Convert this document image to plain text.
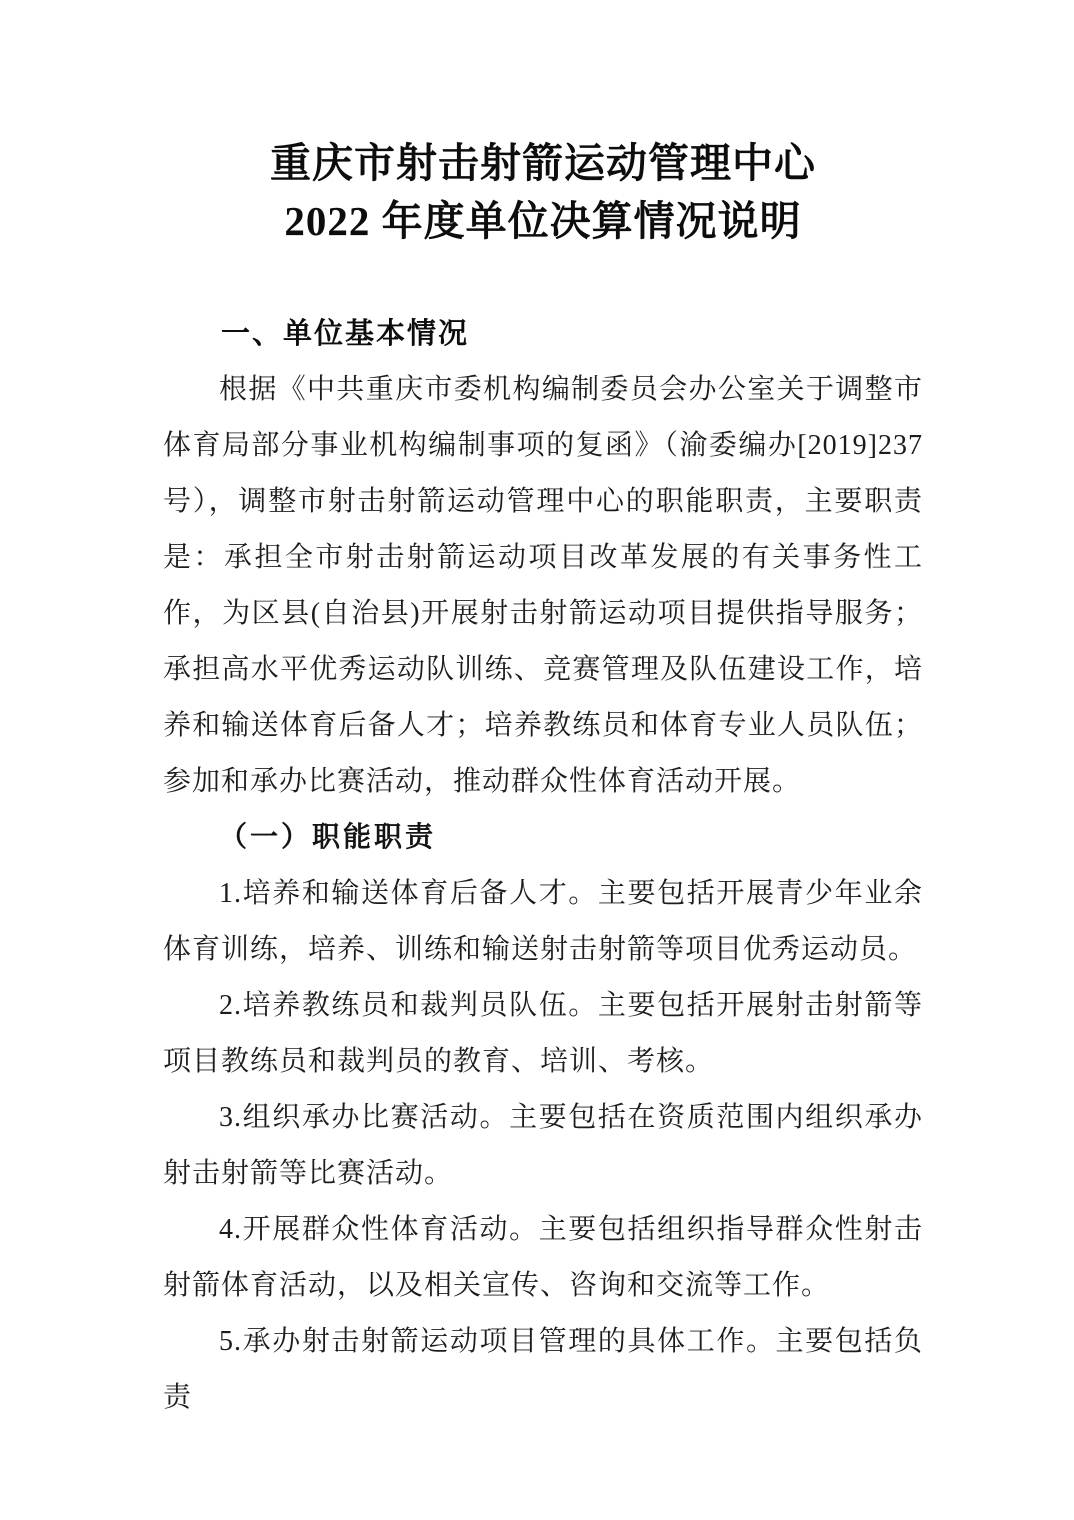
重庆市射击射箭运动管理中心
2022 年度单位决算情况说明

一、单位基本情况

根据《中共重庆市委机构编制委员会办公室关于调整市体育局部分事业机构编制事项的复函》（渝委编办[2019]237号），调整市射击射箭运动管理中心的职能职责，主要职责是：承担全市射击射箭运动项目改革发展的有关事务性工作，为区县(自治县)开展射击射箭运动项目提供指导服务；承担高水平优秀运动队训练、竞赛管理及队伍建设工作，培养和输送体育后备人才；培养教练员和体育专业人员队伍；参加和承办比赛活动，推动群众性体育活动开展。

（一）职能职责

1.培养和输送体育后备人才。主要包括开展青少年业余体育训练，培养、训练和输送射击射箭等项目优秀运动员。

2.培养教练员和裁判员队伍。主要包括开展射击射箭等项目教练员和裁判员的教育、培训、考核。

3.组织承办比赛活动。主要包括在资质范围内组织承办射击射箭等比赛活动。

4.开展群众性体育活动。主要包括组织指导群众性射击射箭体育活动，以及相关宣传、咨询和交流等工作。

5.承办射击射箭运动项目管理的具体工作。主要包括负责
